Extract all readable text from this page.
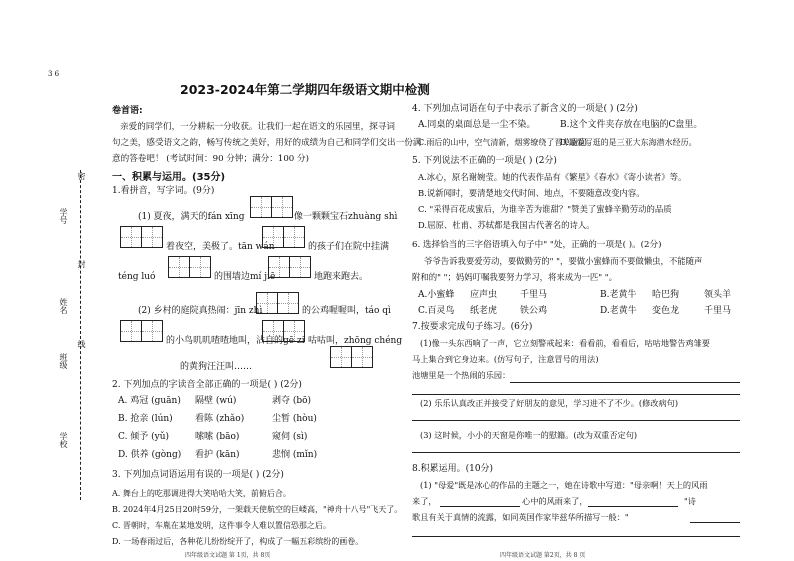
3 6
2023-2024年第二学期四年级语文期中检测
学号
密
姓名
封
班级
线
学校
卷首语:
亲爱的同学们，一分耕耘一分收获。让我们一起在语文的乐园里，探寻词
句之美，感受语文之韵，畅写传统之美好，用好的成绩为自己和同学们交出一份满
意的答卷吧！ (考试时间：90 分钟；满分：100 分)
一、积累与运用。(35分)
1.看拼音，写字词。(9分)
(1) 夏夜，满天的fán xīng	像一颗颗宝石zhuàng shì
着夜空，美极了。tān wán	的孩子们在院中挂满
téng luó	的围墙边mí jiē	地跑来跑去。
(2) 乡村的庭院真热闹：jīn zhì	的公鸡喔喔叫，táo qì
的小鸟叽叽喳喳地叫，沾自的gē zi 咕咕叫，zhōng chéng
的黄狗汪汪叫……
2. 下列加点的字读音全部正确的一项是( ) (2分)
A. 鸡冠 (guān) 隔壁 (wú)	剥夺 (bō)
B. 抢亲 (lún) 看陈 (zhǎo)	尘暂 (hòu)
C. 倾予 (yǔ)	嗦嗦 (bāo)	窥伺 (sì)
D. 供养 (gòng) 看护 (kān)	悲悯 (mǐn)
3. 下列加点词语运用有误的一项是( ) (2分)
A. 舞台上的吃那调进得大笑哈哈大笑，前俯后合。
B. 2024年4月25日20时59分，一架载天使航空的巨嵝高，"神舟十八号"飞天了。
C. 晋朝时，车胤在某地发明，这件事令人难以置信恐那之后。
D. 一场春雨过后，各种花儿纷纷绽开了，构成了一幅五彩缤纷的画卷。
四年级语文试题 第 1页，共 8页
4. 下列加点词语在句子中表示了新含义的一项是( ) (2分)
A.同桌的桌面总是一尘不染。	B.这个文件夹存放在电脑的C盘里。
C.雨后的山中，空气清新，烟雾缭绕了晋草眉间。
D.最爱写逛的是三亚大东海潜水经历。
5. 下列说法不正确的一项是( ) (2分)
A.冰心，原名谢婉莹。她的代表作品有《繁星》《春水》《寄小读者》等。
B.说新闻时，要清楚地交代时间、地点，不要随意改变内容。
C. "采得百花成蜜后，为谁辛苦为谁甜？"赞美了蜜蜂辛勤劳动的品质
D.屈原、杜甫、苏轼都是我国古代著名的诗人。
6. 选择恰当的三字俗语填入句子中" "处，正确的一项是( )。(2分)
爷爷告诉我要爱劳动，要做勤劳的" "，要做小蜜蜂而不要做懒虫，不能随声
附和的" "；妈妈叮嘱我要努力学习，将来成为一匹" "。
A.小蜜蜂 应声虫	千里马	B.老黄牛 哈巴狗	领头羊
C.百灵鸟 纸老虎	铁公鸡	D.老黄牛 变色龙	千里马
7.按要求完成句子练习。(6分)
(1)像一头东西响了一声，它立刻警戒起来：看看前，看看后，咕咕地警告鸡雏要
马上集合到它身边来。(仿写句子，注意冒号的用法)
池塘里是一个热闹的乐园：
(2) 乐乐认真改正并接受了好朋友的意见，学习进不了不少。(修改病句)
(3) 这时候，小小的天窗是你唯一的慰籍。(改为双重否定句)
8.积累运用。(10分)
(1) "母爱"既是冰心的作品的主题之一，她在诗歌中写道："母亲啊！天上的风雨
来了，	心中的风雨来了，	"诗
歌且有关于真情的流露，如同英国作家毕兹华所描写一般："
四年级语文试题 第2页，共 8 页
